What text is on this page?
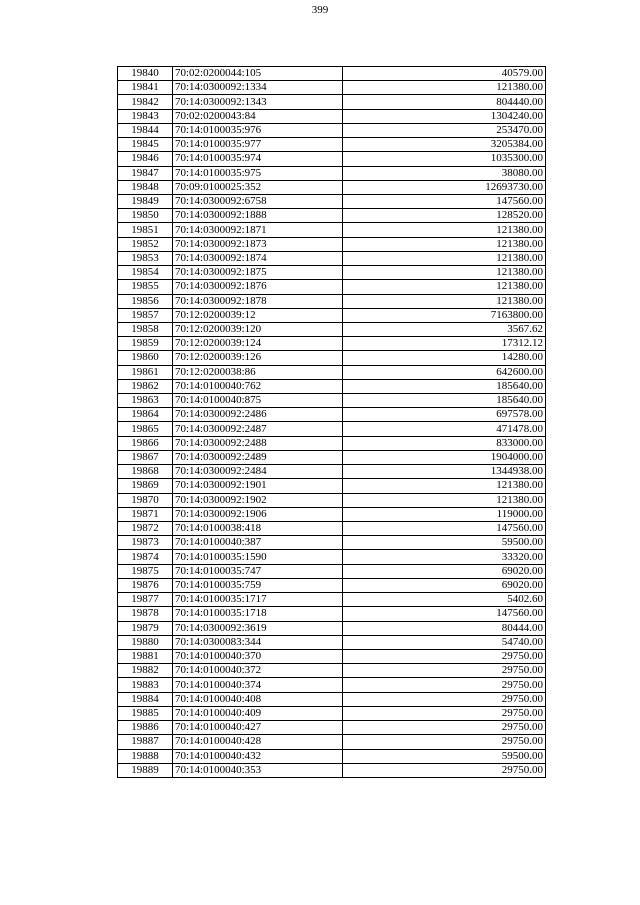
399
19840	70:02:0200044:105	40579.00
19841	70:14:0300092:1334	121380.00
19842	70:14:0300092:1343	804440.00
19843	70:02:0200043:84	1304240.00
19844	70:14:0100035:976	253470.00
19845	70:14:0100035:977	3205384.00
19846	70:14:0100035:974	1035300.00
19847	70:14:0100035:975	38080.00
19848	70:09:0100025:352	12693730.00
19849	70:14:0300092:6758	147560.00
19850	70:14:0300092:1888	128520.00
19851	70:14:0300092:1871	121380.00
19852	70:14:0300092:1873	121380.00
19853	70:14:0300092:1874	121380.00
19854	70:14:0300092:1875	121380.00
19855	70:14:0300092:1876	121380.00
19856	70:14:0300092:1878	121380.00
19857	70:12:0200039:12	7163800.00
19858	70:12:0200039:120	3567.62
19859	70:12:0200039:124	17312.12
19860	70:12:0200039:126	14280.00
19861	70:12:0200038:86	642600.00
19862	70:14:0100040:762	185640.00
19863	70:14:0100040:875	185640.00
19864	70:14:0300092:2486	697578.00
19865	70:14:0300092:2487	471478.00
19866	70:14:0300092:2488	833000.00
19867	70:14:0300092:2489	1904000.00
19868	70:14:0300092:2484	1344938.00
19869	70:14:0300092:1901	121380.00
19870	70:14:0300092:1902	121380.00
19871	70:14:0300092:1906	119000.00
19872	70:14:0100038:418	147560.00
19873	70:14:0100040:387	59500.00
19874	70:14:0100035:1590	33320.00
19875	70:14:0100035:747	69020.00
19876	70:14:0100035:759	69020.00
19877	70:14:0100035:1717	5402.60
19878	70:14:0100035:1718	147560.00
19879	70:14:0300092:3619	80444.00
19880	70:14:0300083:344	54740.00
19881	70:14:0100040:370	29750.00
19882	70:14:0100040:372	29750.00
19883	70:14:0100040:374	29750.00
19884	70:14:0100040:408	29750.00
19885	70:14:0100040:409	29750.00
19886	70:14:0100040:427	29750.00
19887	70:14:0100040:428	29750.00
19888	70:14:0100040:432	59500.00
19889	70:14:0100040:353	29750.00
